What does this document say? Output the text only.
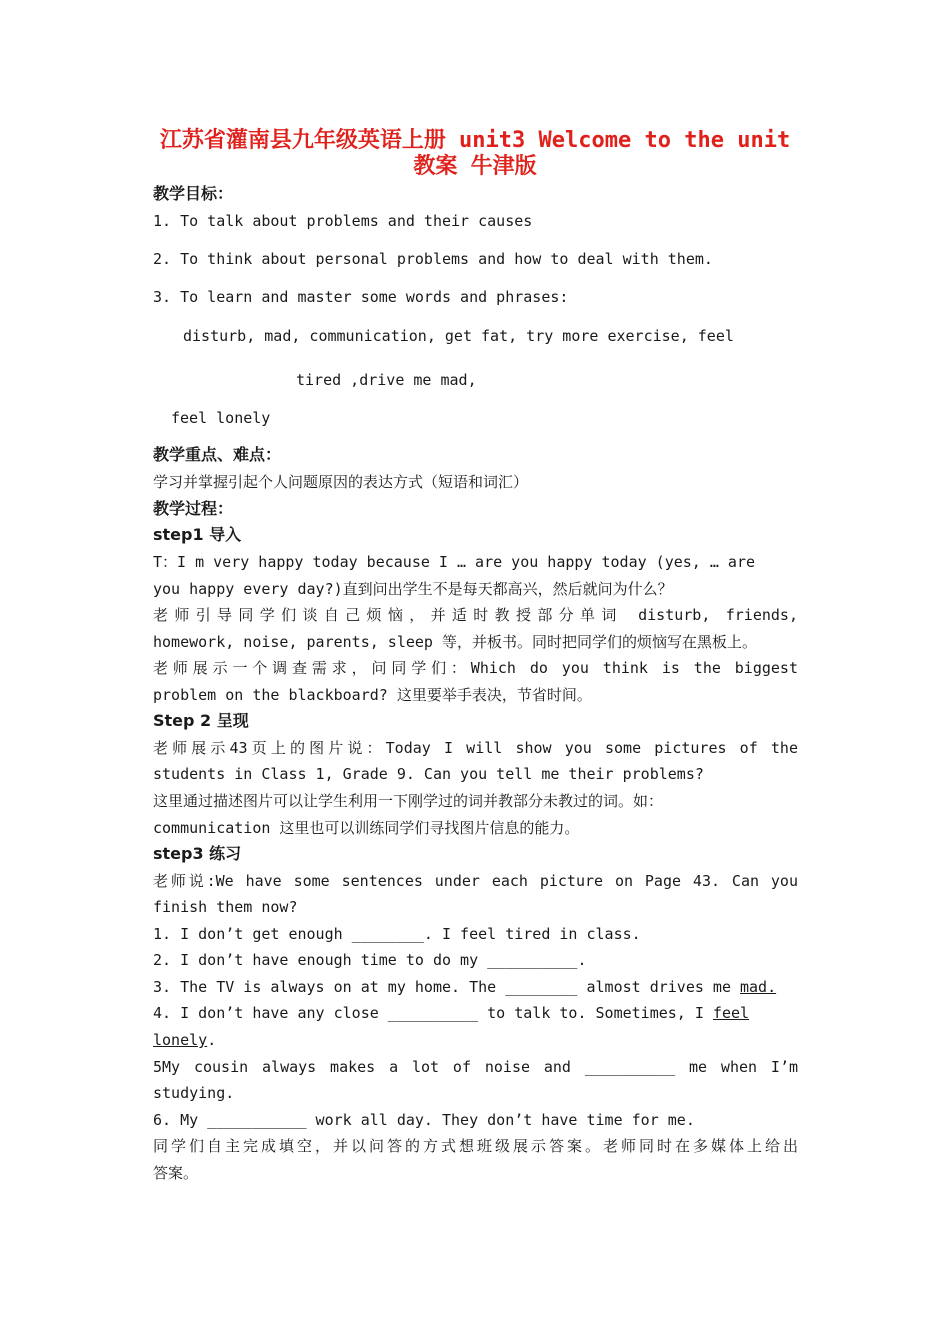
江苏省灌南县九年级英语上册 unit3 Welcome to the unit
教案 牛津版
教学目标：
1. To talk about problems and their causes
2. To think about personal problems and how to deal with them.
3. To learn and master some words and phrases:
disturb, mad, communication, get fat, try more exercise, feel
tired ,drive me mad,
feel lonely
教学重点、难点：
学习并掌握引起个人问题原因的表达方式（短语和词汇）
教学过程：
step1 导入
T：I m very happy today because I … are you happy today (yes, … are
you happy every day?)直到问出学生不是每天都高兴，然后就问为什么？
老师引导同学们谈自己烦恼，并适时教授部分单词 disturb, friends,
homework, noise, parents, sleep 等，并板书。同时把同学们的烦恼写在黑板上。
老师展示一个调查需求，问同学们：Which do you think is the biggest
problem on the blackboard? 这里要举手表决，节省时间。
Step 2 呈现
老师展示43页上的图片说：Today I will show you some pictures of the
students in Class 1, Grade 9. Can you tell me their problems?
这里通过描述图片可以让学生利用一下刚学过的词并教部分未教过的词。如：
communication 这里也可以训练同学们寻找图片信息的能力。
step3 练习
老师说:We have some sentences under each picture on Page 43. Can you
finish them now?
1. I don’t get enough ________. I feel tired in class.
2. I don’t have enough time to do my __________.
3. The TV is always on at my home. The ________ almost drives me mad.
4. I don’t have any close __________ to talk to. Sometimes, I feel
lonely.
5My cousin always makes a lot of noise and __________ me when I’m
studying.
6. My ___________ work all day. They don’t have time for me.
同学们自主完成填空，并以问答的方式想班级展示答案。老师同时在多媒体上给出
答案。
